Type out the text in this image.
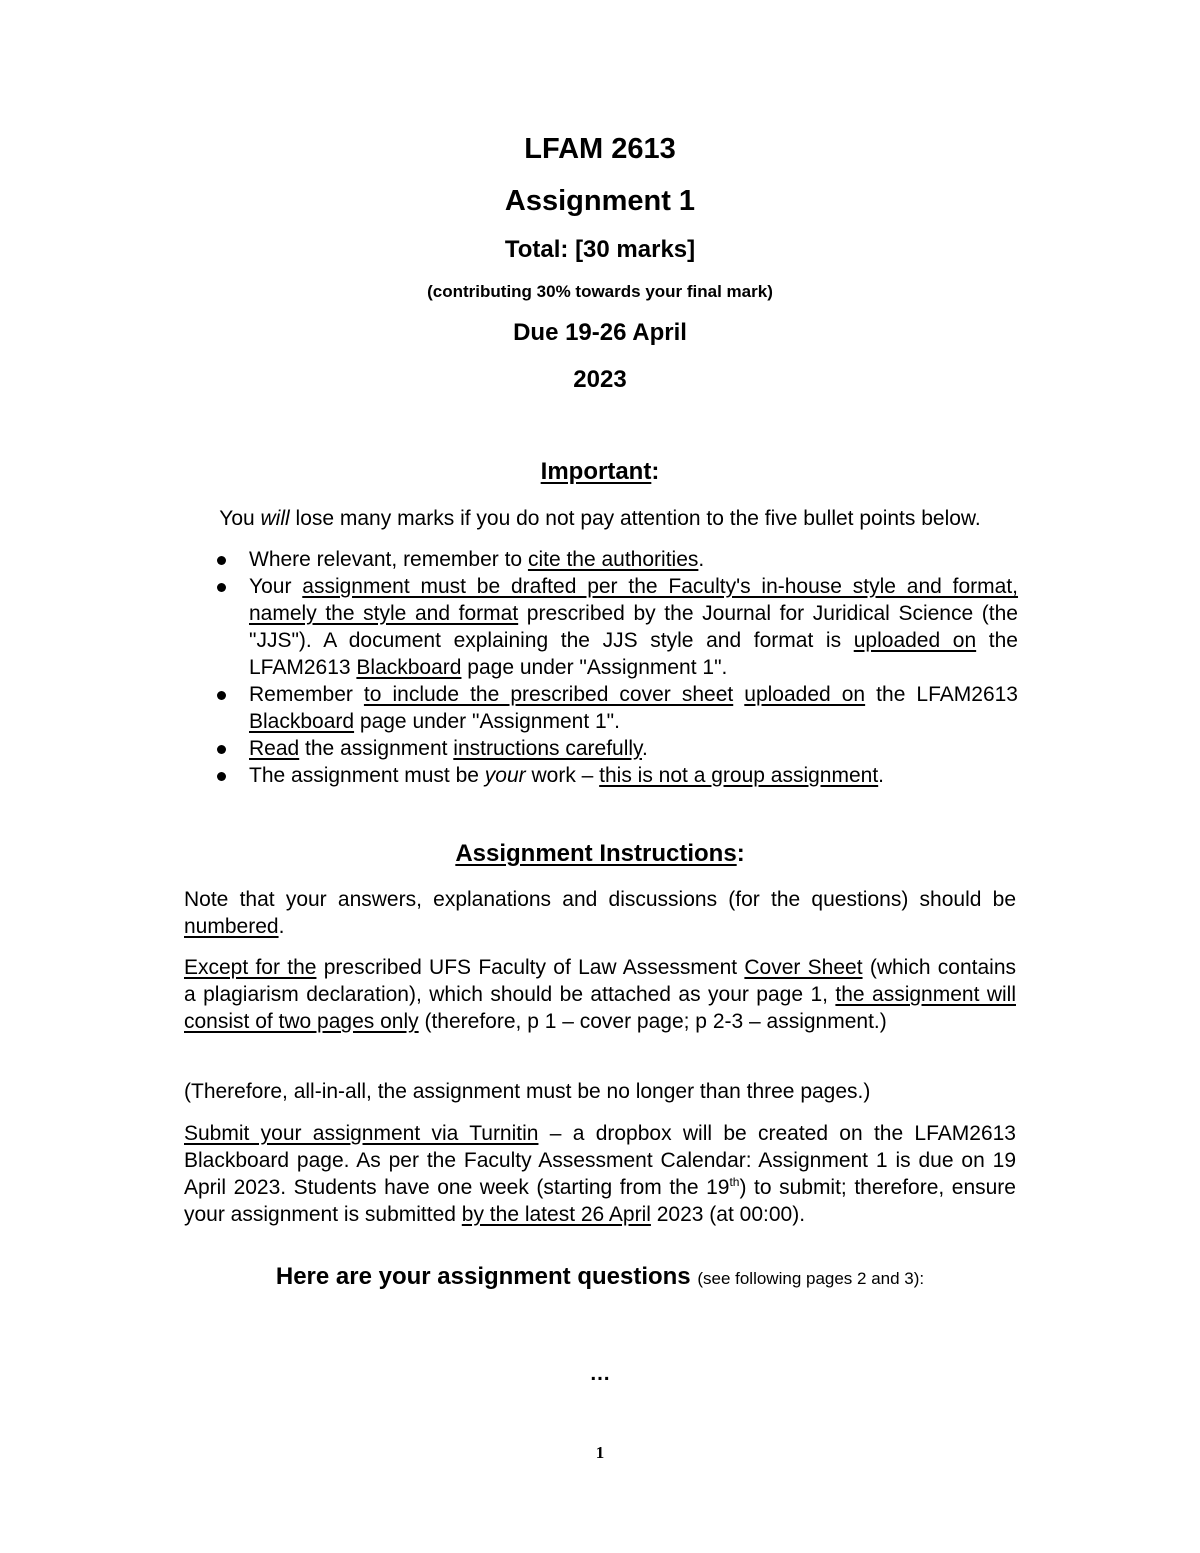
LFAM 2613
Assignment 1
Total: [30 marks]
(contributing 30% towards your final mark)
Due 19-26 April
2023
Important:
You will lose many marks if you do not pay attention to the five bullet points below.
Where relevant, remember to cite the authorities.
Your assignment must be drafted per the Faculty's in-house style and format, namely the style and format prescribed by the Journal for Juridical Science (the "JJS"). A document explaining the JJS style and format is uploaded on the LFAM2613 Blackboard page under "Assignment 1".
Remember to include the prescribed cover sheet uploaded on the LFAM2613 Blackboard page under "Assignment 1".
Read the assignment instructions carefully.
The assignment must be your work – this is not a group assignment.
Assignment Instructions:
Note that your answers, explanations and discussions (for the questions) should be numbered.
Except for the prescribed UFS Faculty of Law Assessment Cover Sheet (which contains a plagiarism declaration), which should be attached as your page 1, the assignment will consist of two pages only (therefore, p 1 – cover page; p 2-3 – assignment.)
(Therefore, all-in-all, the assignment must be no longer than three pages.)
Submit your assignment via Turnitin – a dropbox will be created on the LFAM2613 Blackboard page. As per the Faculty Assessment Calendar: Assignment 1 is due on 19 April 2023. Students have one week (starting from the 19th) to submit; therefore, ensure your assignment is submitted by the latest 26 April 2023 (at 00:00).
Here are your assignment questions (see following pages 2 and 3):
…
1
